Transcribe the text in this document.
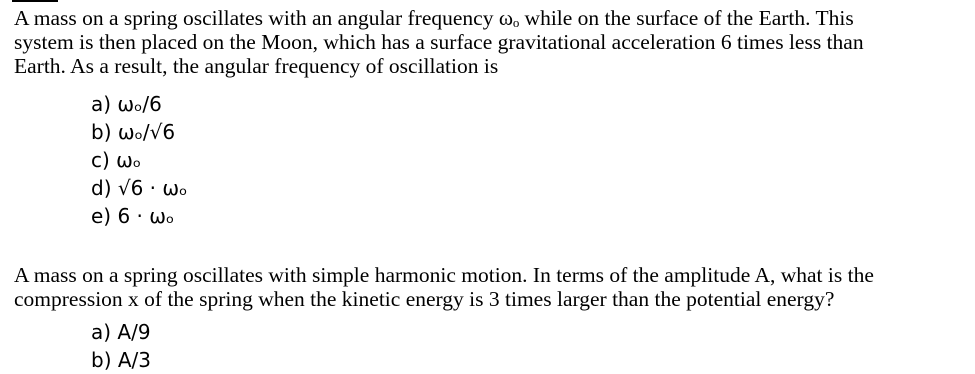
A mass on a spring oscillates with an angular frequency ωₒ while on the surface of the Earth. This
system is then placed on the Moon, which has a surface gravitational acceleration 6 times less than
Earth. As a result, the angular frequency of oscillation is
a) ωₒ/6
b) ωₒ/√6
c) ωₒ
d) √6 · ωₒ
e) 6 · ωₒ
A mass on a spring oscillates with simple harmonic motion. In terms of the amplitude A, what is the
compression x of the spring when the kinetic energy is 3 times larger than the potential energy?
a) A/9
b) A/3
